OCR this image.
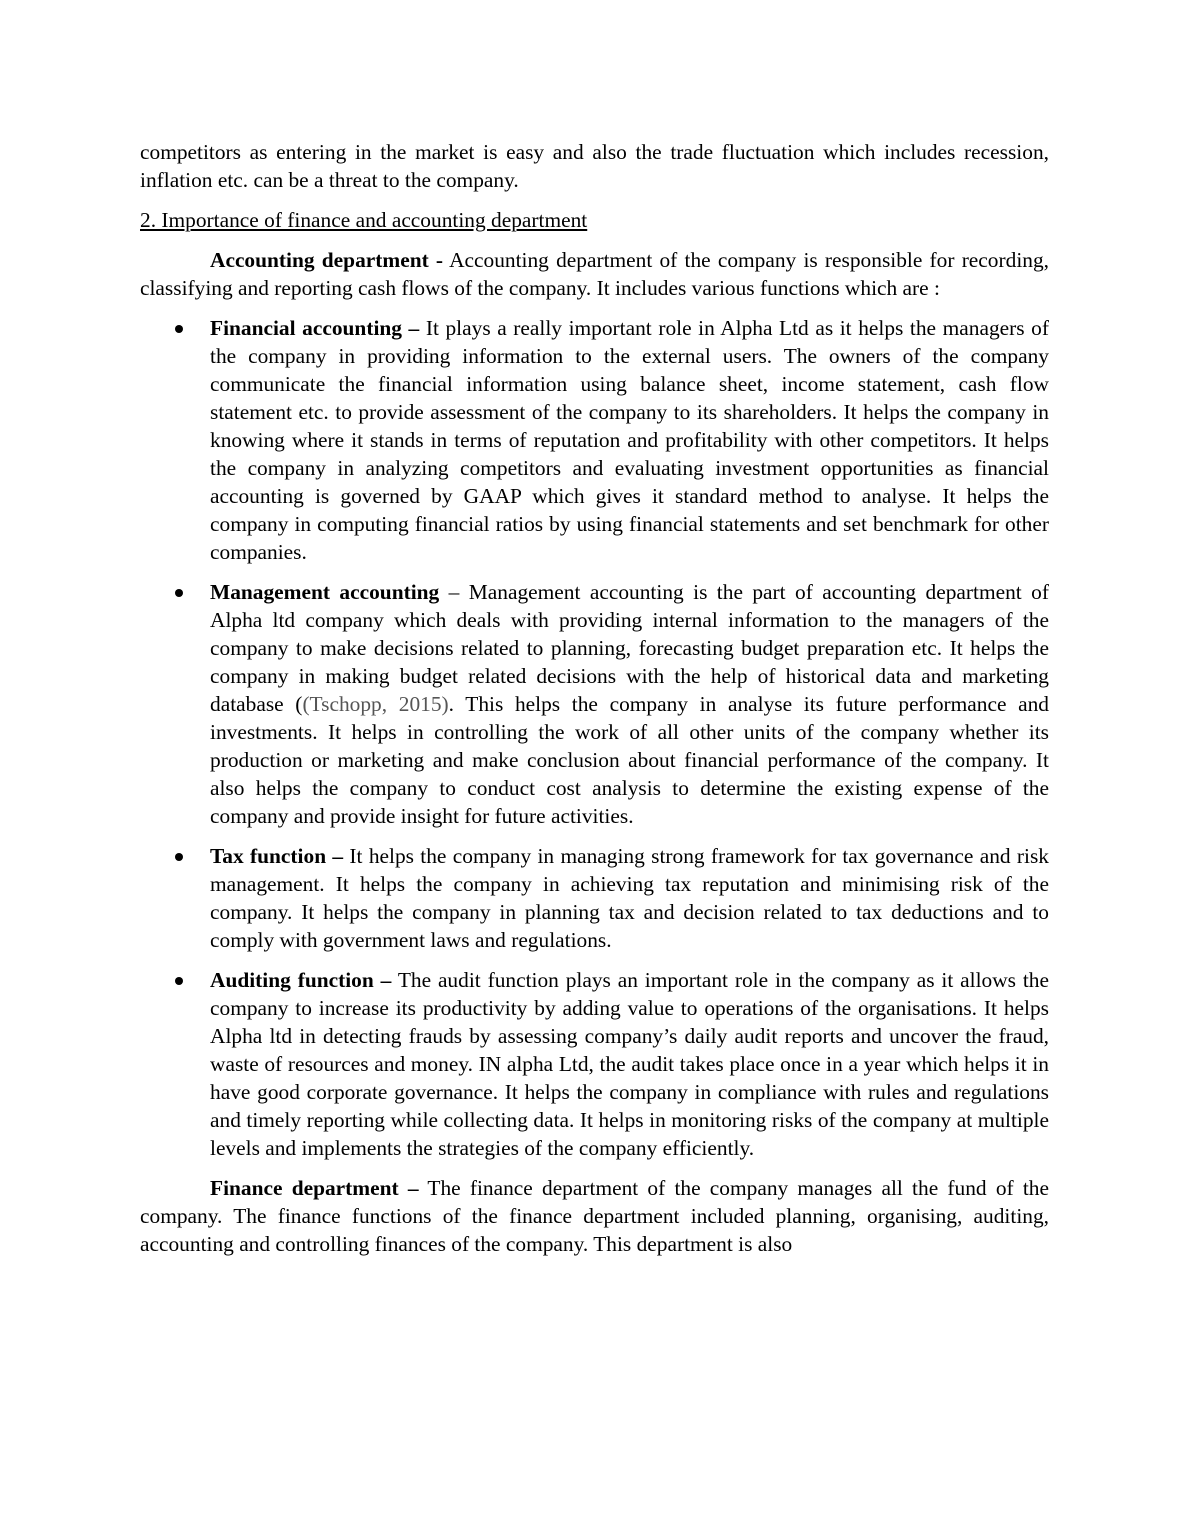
competitors as entering in the market is easy and also the trade fluctuation which includes recession, inflation etc. can be a threat to the company.

2. Importance of finance and accounting department

Accounting department - Accounting department of the company is responsible for recording, classifying and reporting cash flows of the company. It includes various functions which are :

Financial accounting – It plays a really important role in Alpha Ltd as it helps the managers of the company in providing information to the external users. The owners of the company communicate the financial information using balance sheet, income statement, cash flow statement etc. to provide assessment of the company to its shareholders. It helps the company in knowing where it stands in terms of reputation and profitability with other competitors. It helps the company in analyzing competitors and evaluating investment opportunities as financial accounting is governed by GAAP which gives it standard method to analyse. It helps the company in computing financial ratios by using financial statements and set benchmark for other companies.
Management accounting – Management accounting is the part of accounting department of Alpha ltd company which deals with providing internal information to the managers of the company to make decisions related to planning, forecasting budget preparation etc. It helps the company in making budget related decisions with the help of historical data and marketing database ((Tschopp, 2015). This helps the company in analyse its future performance and investments. It helps in controlling the work of all other units of the company whether its production or marketing and make conclusion about financial performance of the company. It also helps the company to conduct cost analysis to determine the existing expense of the company and provide insight for future activities.
Tax function – It helps the company in managing strong framework for tax governance and risk management. It helps the company in achieving tax reputation and minimising risk of the company. It helps the company in planning tax and decision related to tax deductions and to comply with government laws and regulations.
Auditing function – The audit function plays an important role in the company as it allows the company to increase its productivity by adding value to operations of the organisations. It helps Alpha ltd in detecting frauds by assessing company’s daily audit reports and uncover the fraud, waste of resources and money. IN alpha Ltd, the audit takes place once in a year which helps it in have good corporate governance. It helps the company in compliance with rules and regulations and timely reporting while collecting data. It helps in monitoring risks of the company at multiple levels and implements the strategies of the company efficiently.

Finance department – The finance department of the company manages all the fund of the company. The finance functions of the finance department included planning, organising, auditing, accounting and controlling finances of the company. This department is also
